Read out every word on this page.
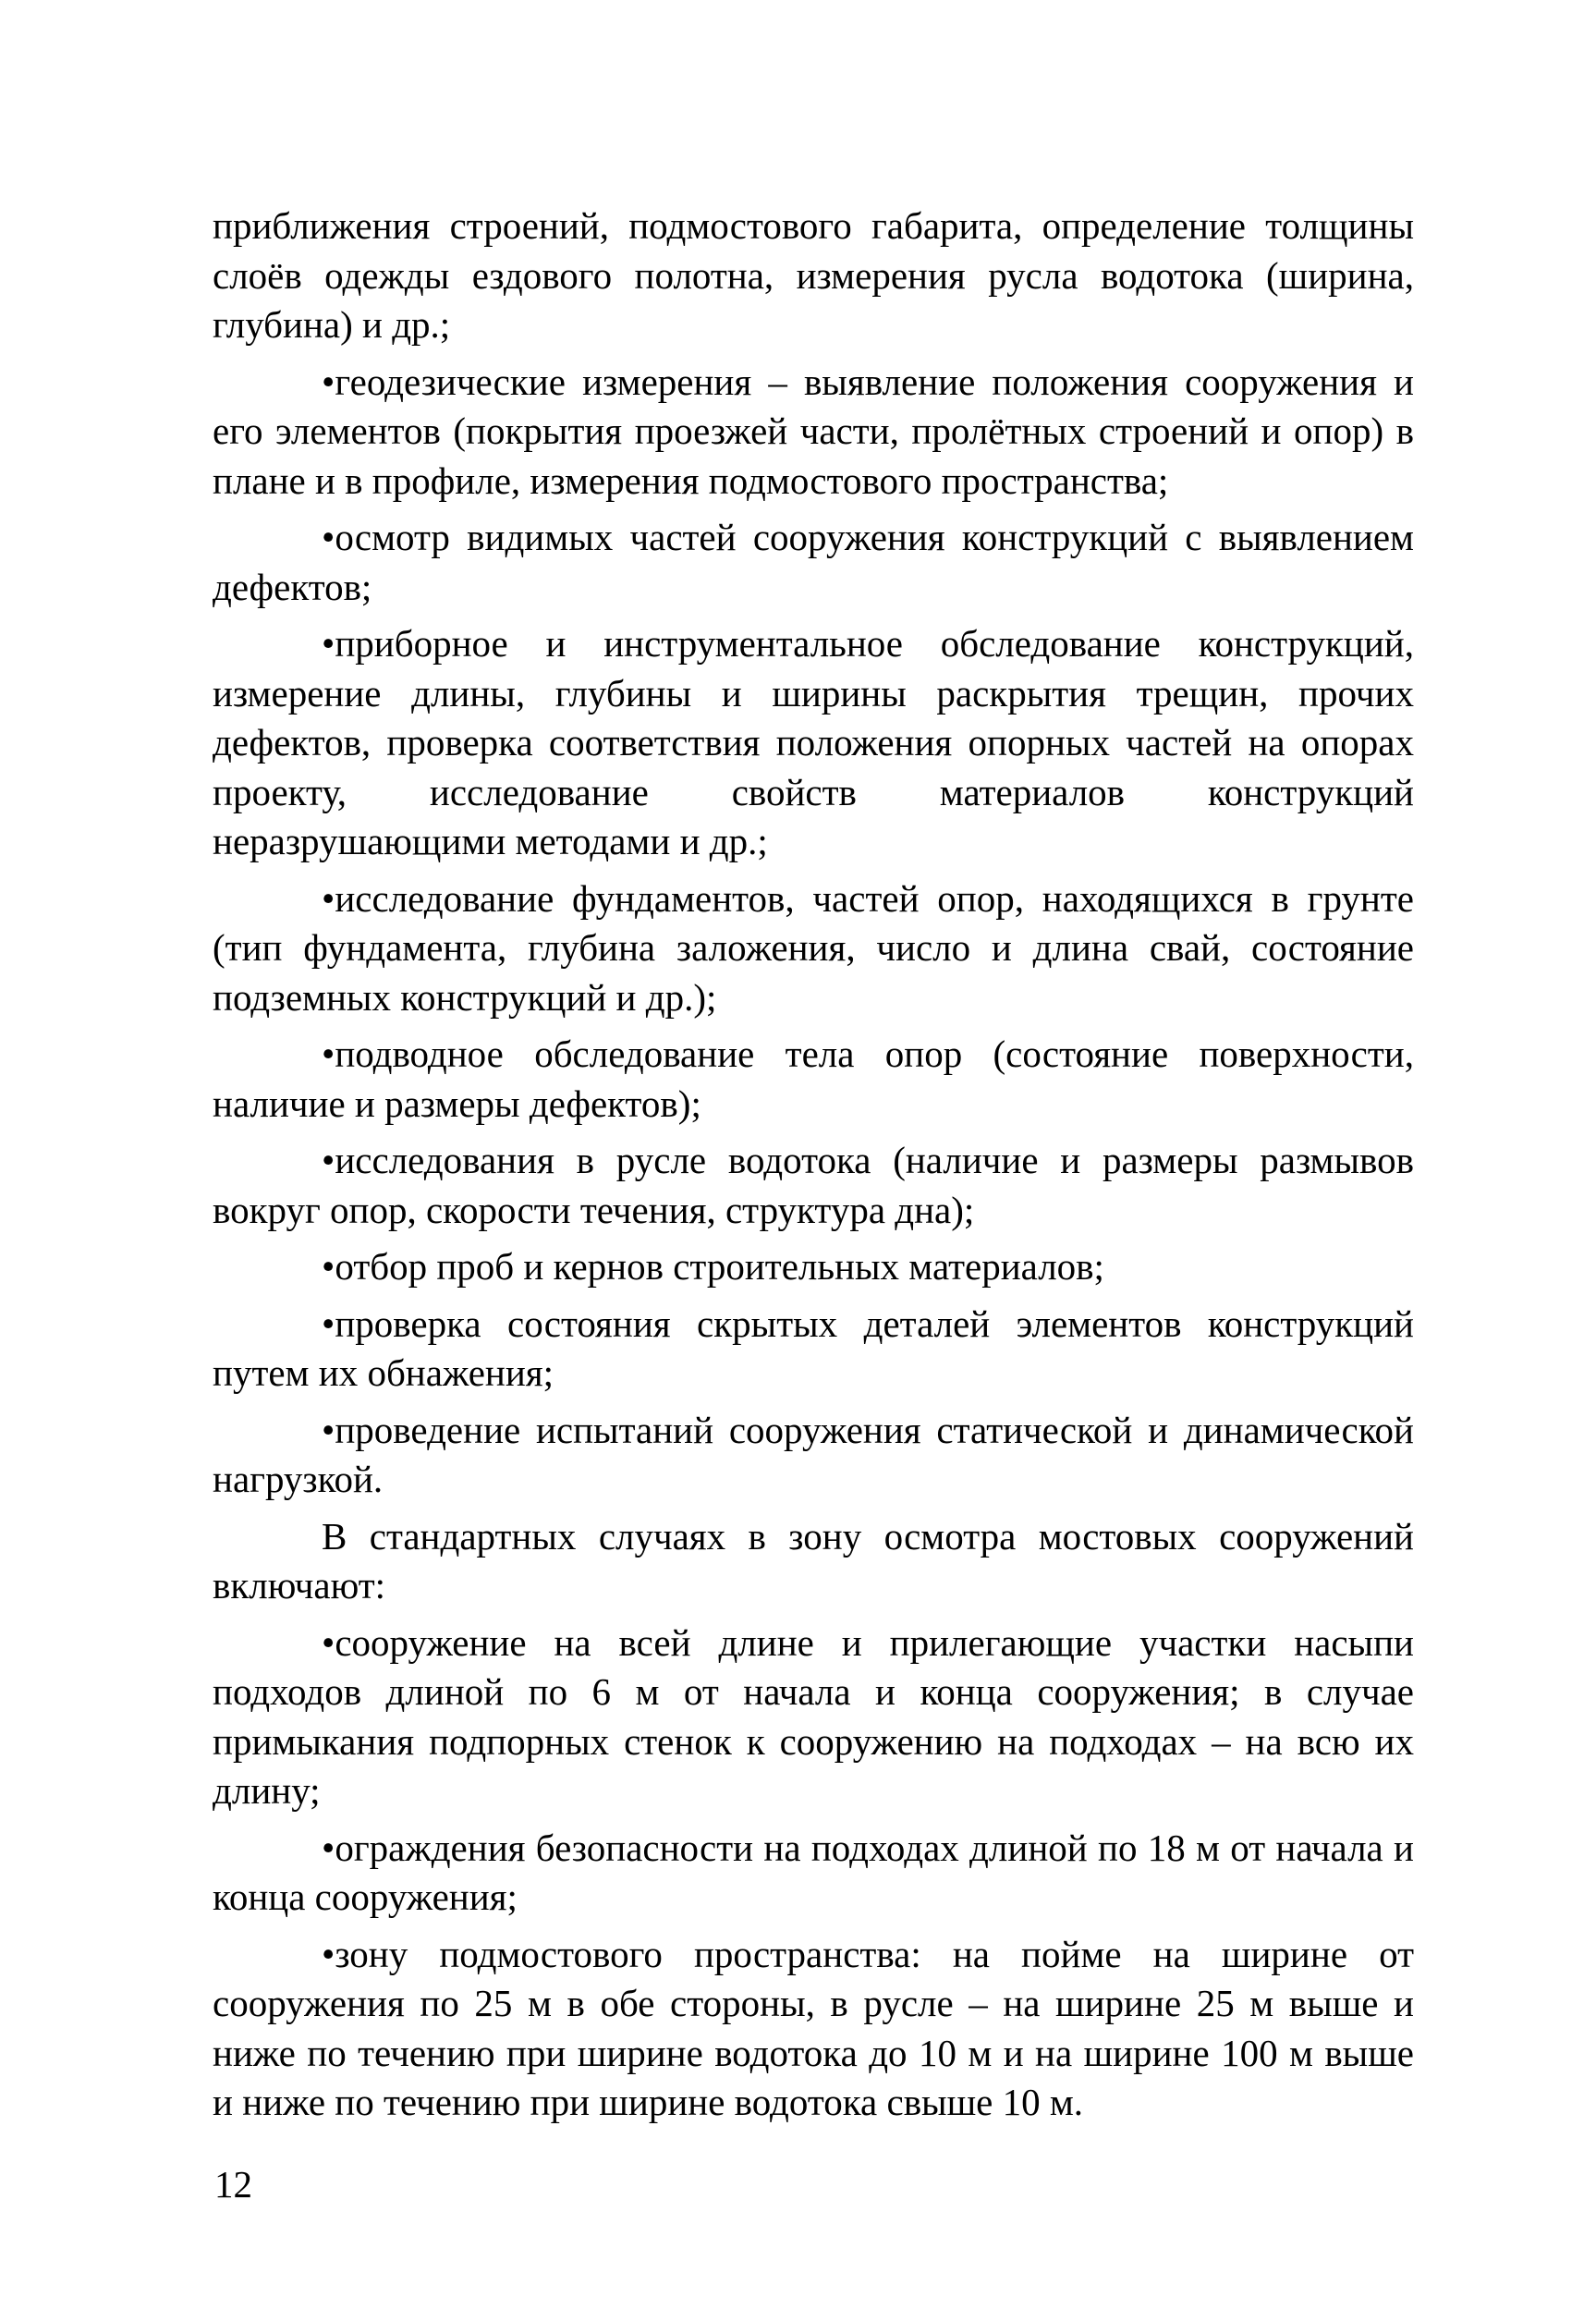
приближения строений, подмостового габарита, определение толщины слоёв одежды ездового полотна, измерения русла водотока (ширина, глубина) и др.;

•геодезические измерения – выявление положения сооружения и его элементов (покрытия проезжей части, пролётных строений и опор) в плане и в профиле, измерения подмостового пространства;

•осмотр видимых частей сооружения конструкций с выявлением дефектов;

•приборное и инструментальное обследование конструкций, измерение длины, глубины и ширины раскрытия трещин, прочих дефектов, проверка соответствия положения опорных частей на опорах проекту, исследование свойств материалов конструкций неразрушающими методами и др.;

•исследование фундаментов, частей опор, находящихся в грунте (тип фундамента, глубина заложения, число и длина свай, состояние подземных конструкций и др.);

•подводное обследование тела опор (состояние поверхности, наличие и размеры дефектов);

•исследования в русле водотока (наличие и размеры размывов вокруг опор, скорости течения, структура дна);

•отбор проб и кернов строительных материалов;

•проверка состояния скрытых деталей элементов конструкций путем их обнажения;

•проведение испытаний сооружения статической и динамической нагрузкой.

В стандартных случаях в зону осмотра мостовых сооружений включают:

•сооружение на всей длине и прилегающие участки насыпи подходов длиной по 6 м от начала и конца сооружения; в случае примыкания подпорных стенок к сооружению на подходах – на всю их длину;

•ограждения безопасности на подходах длиной по 18 м от начала и конца сооружения;

•зону подмостового пространства: на пойме на ширине от сооружения по 25 м в обе стороны, в русле – на ширине 25 м выше и ниже по течению при ширине водотока до 10 м и на ширине 100 м выше и ниже по течению при ширине водотока свыше 10 м.

12
